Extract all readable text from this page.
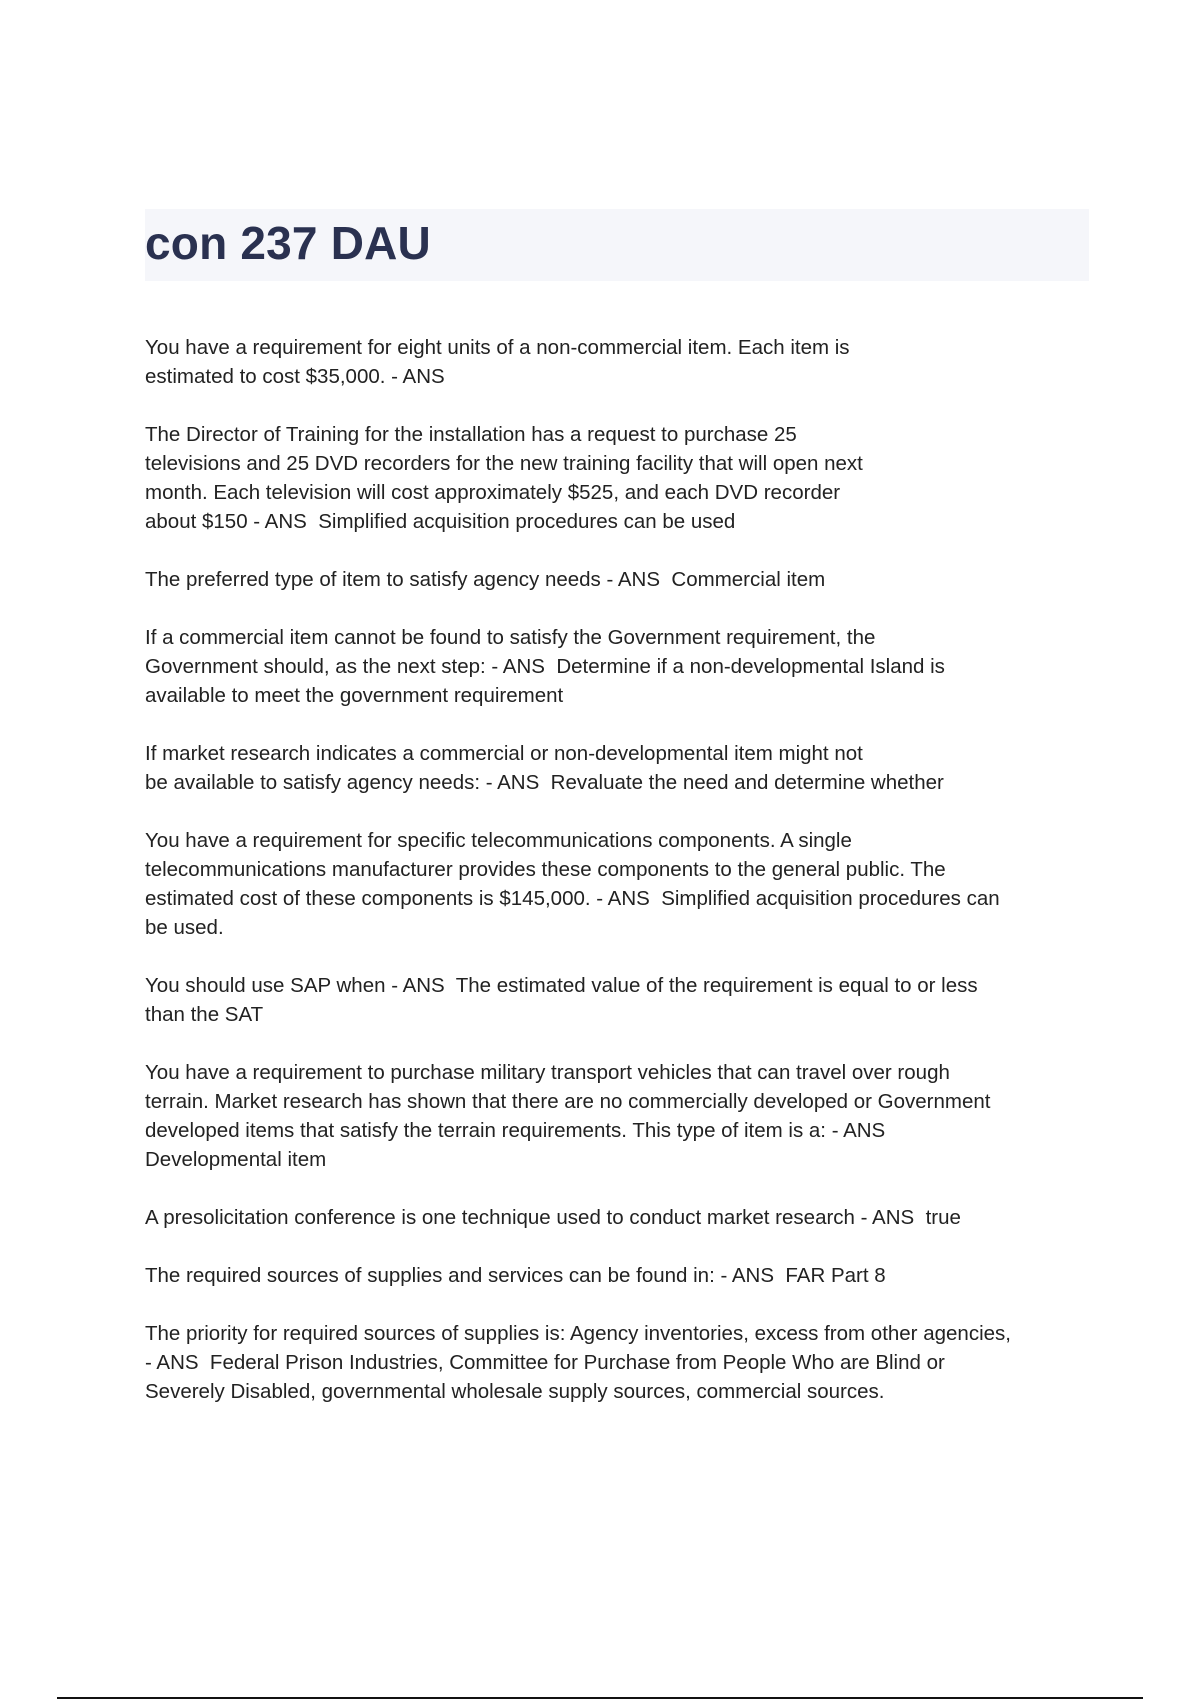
con 237 DAU

You have a requirement for eight units of a non-commercial item. Each item is
estimated to cost $35,000. - ANS

The Director of Training for the installation has a request to purchase 25
televisions and 25 DVD recorders for the new training facility that will open next
month. Each television will cost approximately $525, and each DVD recorder
about $150 - ANS  Simplified acquisition procedures can be used

The preferred type of item to satisfy agency needs - ANS  Commercial item

If a commercial item cannot be found to satisfy the Government requirement, the
Government should, as the next step: - ANS  Determine if a non-developmental Island is
available to meet the government requirement

If market research indicates a commercial or non-developmental item might not
be available to satisfy agency needs: - ANS  Revaluate the need and determine whether

You have a requirement for specific telecommunications components. A single
telecommunications manufacturer provides these components to the general public. The
estimated cost of these components is $145,000. - ANS  Simplified acquisition procedures can
be used.

You should use SAP when - ANS  The estimated value of the requirement is equal to or less
than the SAT

You have a requirement to purchase military transport vehicles that can travel over rough
terrain. Market research has shown that there are no commercially developed or Government
developed items that satisfy the terrain requirements. This type of item is a: - ANS
Developmental item

A presolicitation conference is one technique used to conduct market research - ANS  true

The required sources of supplies and services can be found in: - ANS  FAR Part 8

The priority for required sources of supplies is: Agency inventories, excess from other agencies,
- ANS  Federal Prison Industries, Committee for Purchase from People Who are Blind or
Severely Disabled, governmental wholesale supply sources, commercial sources.
